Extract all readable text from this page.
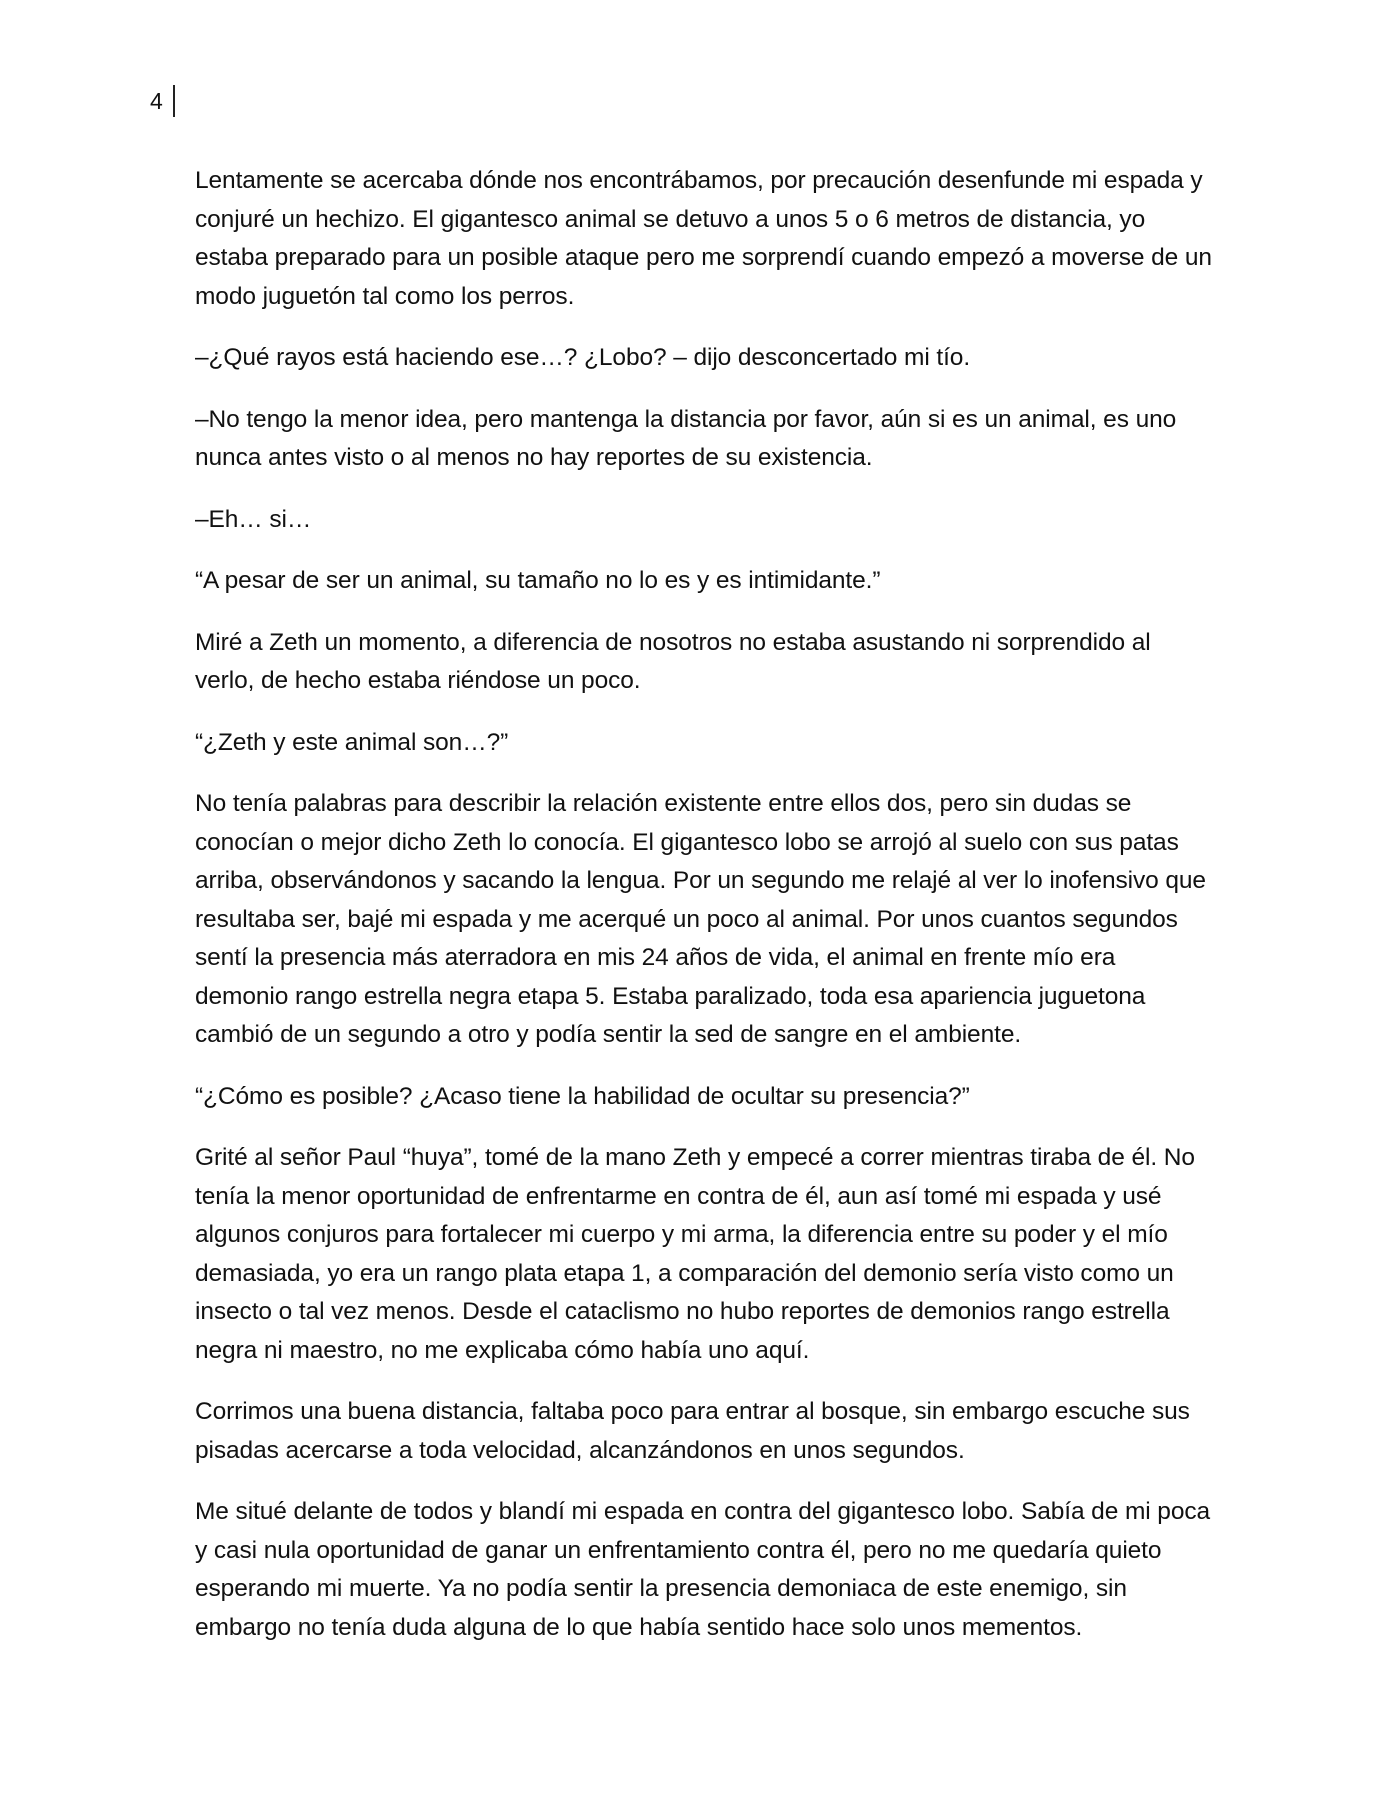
4

Lentamente se acercaba dónde nos encontrábamos, por precaución desenfunde mi espada y conjuré un hechizo. El gigantesco animal se detuvo a unos 5 o 6 metros de distancia, yo estaba preparado para un posible ataque pero me sorprendí cuando empezó a moverse de un modo juguetón tal como los perros.

–¿Qué rayos está haciendo ese…? ¿Lobo? – dijo desconcertado mi tío.

–No tengo la menor idea, pero mantenga la distancia por favor, aún si es un animal, es uno nunca antes visto o al menos no hay reportes de su existencia.

–Eh… si…

“A pesar de ser un animal, su tamaño no lo es y es intimidante.”

Miré a Zeth un momento, a diferencia de nosotros no estaba asustando ni sorprendido al verlo, de hecho estaba riéndose un poco.

“¿Zeth y este animal son…?”

No tenía palabras para describir la relación existente entre ellos dos, pero sin dudas se conocían o mejor dicho Zeth lo conocía. El gigantesco lobo se arrojó al suelo con sus patas arriba, observándonos y sacando la lengua. Por un segundo me relajé al ver lo inofensivo que resultaba ser, bajé mi espada y me acerqué un poco al animal. Por unos cuantos segundos sentí la presencia más aterradora en mis 24 años de vida, el animal en frente mío era demonio rango estrella negra etapa 5. Estaba paralizado, toda esa apariencia juguetona cambió de un segundo a otro y podía sentir la sed de sangre en el ambiente.

“¿Cómo es posible? ¿Acaso tiene la habilidad de ocultar su presencia?”

Grité al señor Paul “huya”, tomé de la mano Zeth y empecé a correr mientras tiraba de él. No tenía la menor oportunidad de enfrentarme en contra de él, aun así tomé mi espada y usé algunos conjuros para fortalecer mi cuerpo y mi arma, la diferencia entre su poder y el mío demasiada, yo era un rango plata etapa 1, a comparación del demonio sería visto como un insecto o tal vez menos. Desde el cataclismo no hubo reportes de demonios rango estrella negra ni maestro, no me explicaba cómo había uno aquí.

Corrimos una buena distancia, faltaba poco para entrar al bosque, sin embargo escuche sus pisadas acercarse a toda velocidad, alcanzándonos en unos segundos.

Me situé delante de todos y blandí mi espada en contra del gigantesco lobo. Sabía de mi poca y casi nula oportunidad de ganar un enfrentamiento contra él, pero no me quedaría quieto esperando mi muerte. Ya no podía sentir la presencia demoniaca de este enemigo, sin embargo no tenía duda alguna de lo que había sentido hace solo unos mementos.
